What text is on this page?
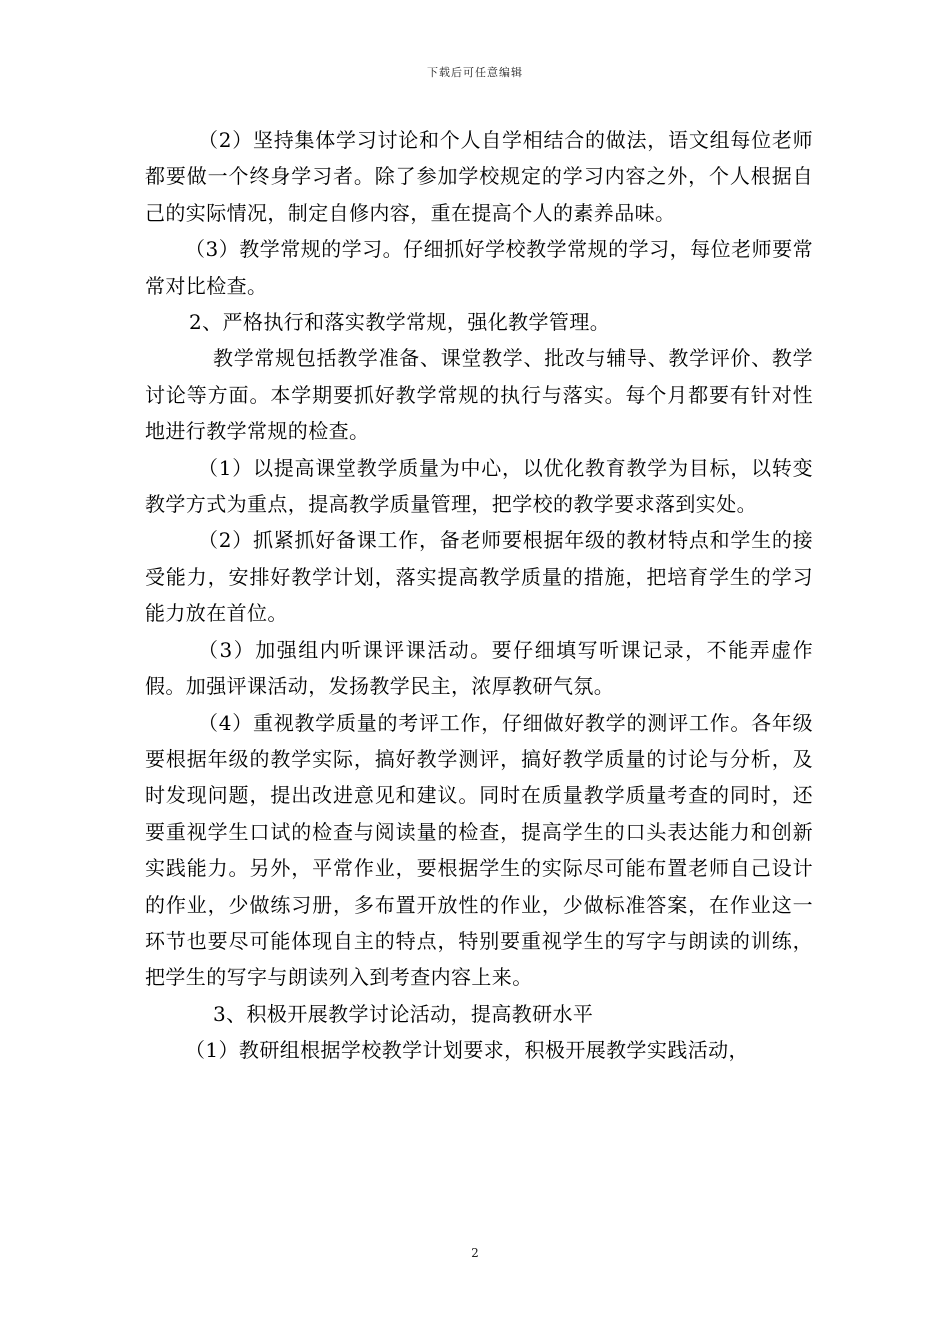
下载后可任意编辑

（2）坚持集体学习讨论和个人自学相结合的做法，语文组每位老师都要做一个终身学习者。除了参加学校规定的学习内容之外，个人根据自己的实际情况，制定自修内容，重在提高个人的素养品味。

（3）教学常规的学习。仔细抓好学校教学常规的学习，每位老师要常常对比检查。

2、严格执行和落实教学常规，强化教学管理。

教学常规包括教学准备、课堂教学、批改与辅导、教学评价、教学讨论等方面。本学期要抓好教学常规的执行与落实。每个月都要有针对性地进行教学常规的检查。

（1）以提高课堂教学质量为中心，以优化教育教学为目标，以转变教学方式为重点，提高教学质量管理，把学校的教学要求落到实处。

（2）抓紧抓好备课工作，备老师要根据年级的教材特点和学生的接受能力，安排好教学计划，落实提高教学质量的措施，把培育学生的学习能力放在首位。

（3）加强组内听课评课活动。要仔细填写听课记录，不能弄虚作假。加强评课活动，发扬教学民主，浓厚教研气氛。

（4）重视教学质量的考评工作，仔细做好教学的测评工作。各年级要根据年级的教学实际，搞好教学测评，搞好教学质量的讨论与分析，及时发现问题，提出改进意见和建议。同时在质量教学质量考查的同时，还要重视学生口试的检查与阅读量的检查，提高学生的口头表达能力和创新实践能力。另外，平常作业，要根据学生的实际尽可能布置老师自己设计的作业，少做练习册，多布置开放性的作业，少做标准答案，在作业这一环节也要尽可能体现自主的特点，特别要重视学生的写字与朗读的训练，把学生的写字与朗读列入到考查内容上来。

3、积极开展教学讨论活动，提高教研水平

（1）教研组根据学校教学计划要求，积极开展教学实践活动，

2
